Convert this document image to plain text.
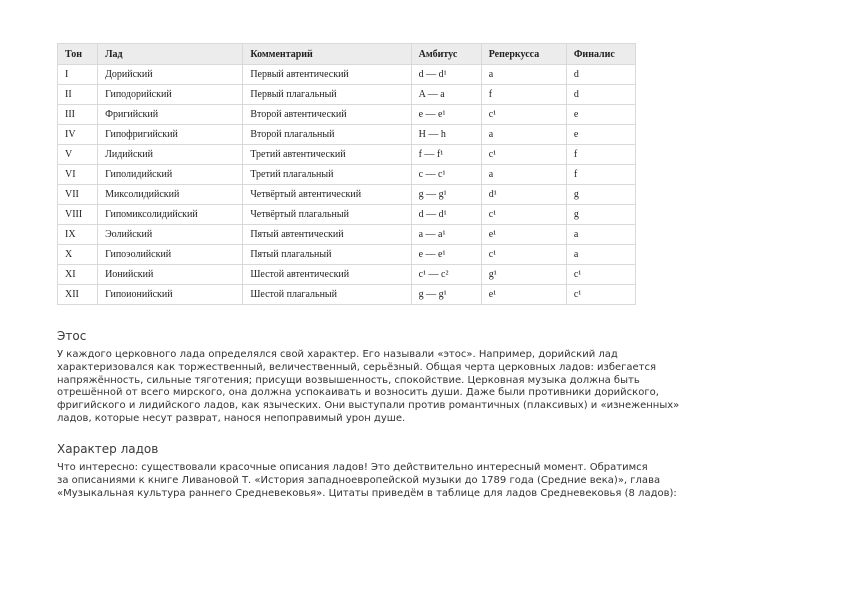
Тон	Лад	Комментарий	Амбитус	Реперкусса	Финалис
I	Дорийский	Первый автентический	d — d¹	a	d
II	Гиподорийский	Первый плагальный	A — a	f	d
III	Фригийский	Второй автентический	e — e¹	c¹	e
IV	Гипофригийский	Второй плагальный	H — h	a	e
V	Лидийский	Третий автентический	f — f¹	c¹	f
VI	Гиполидийский	Третий плагальный	c — c¹	a	f
VII	Миксолидийский	Четвёртый автентический	g — g¹	d¹	g
VIII	Гипомиксолидийский	Четвёртый плагальный	d — d¹	c¹	g
IX	Эолийский	Пятый автентический	a — a¹	e¹	a
X	Гипоэолийский	Пятый плагальный	e — e¹	c¹	a
XI	Ионийский	Шестой автентический	c¹ — c²	g¹	c¹
XII	Гипоионийский	Шестой плагальный	g — g¹	e¹	c¹
Этос
У каждого церковного лада определялся свой характер. Его называли «этос». Например, дорийский лад
характеризовался как торжественный, величественный, серьёзный. Общая черта церковных ладов: избегается
напряжённость, сильные тяготения; присущи возвышенность, спокойствие. Церковная музыка должна быть
отрешённой от всего мирского, она должна успокаивать и возносить души. Даже были противники дорийского,
фригийского и лидийского ладов, как языческих. Они выступали против романтичных (плаксивых) и «изнеженных»
ладов, которые несут разврат, нанося непоправимый урон душе.
Характер ладов
Что интересно: существовали красочные описания ладов! Это действительно интересный момент. Обратимся
за описаниями к книге Ливановой Т. «История западноевропейской музыки до 1789 года (Средние века)», глава
«Музыкальная культура раннего Средневековья». Цитаты приведём в таблице для ладов Средневековья (8 ладов):
